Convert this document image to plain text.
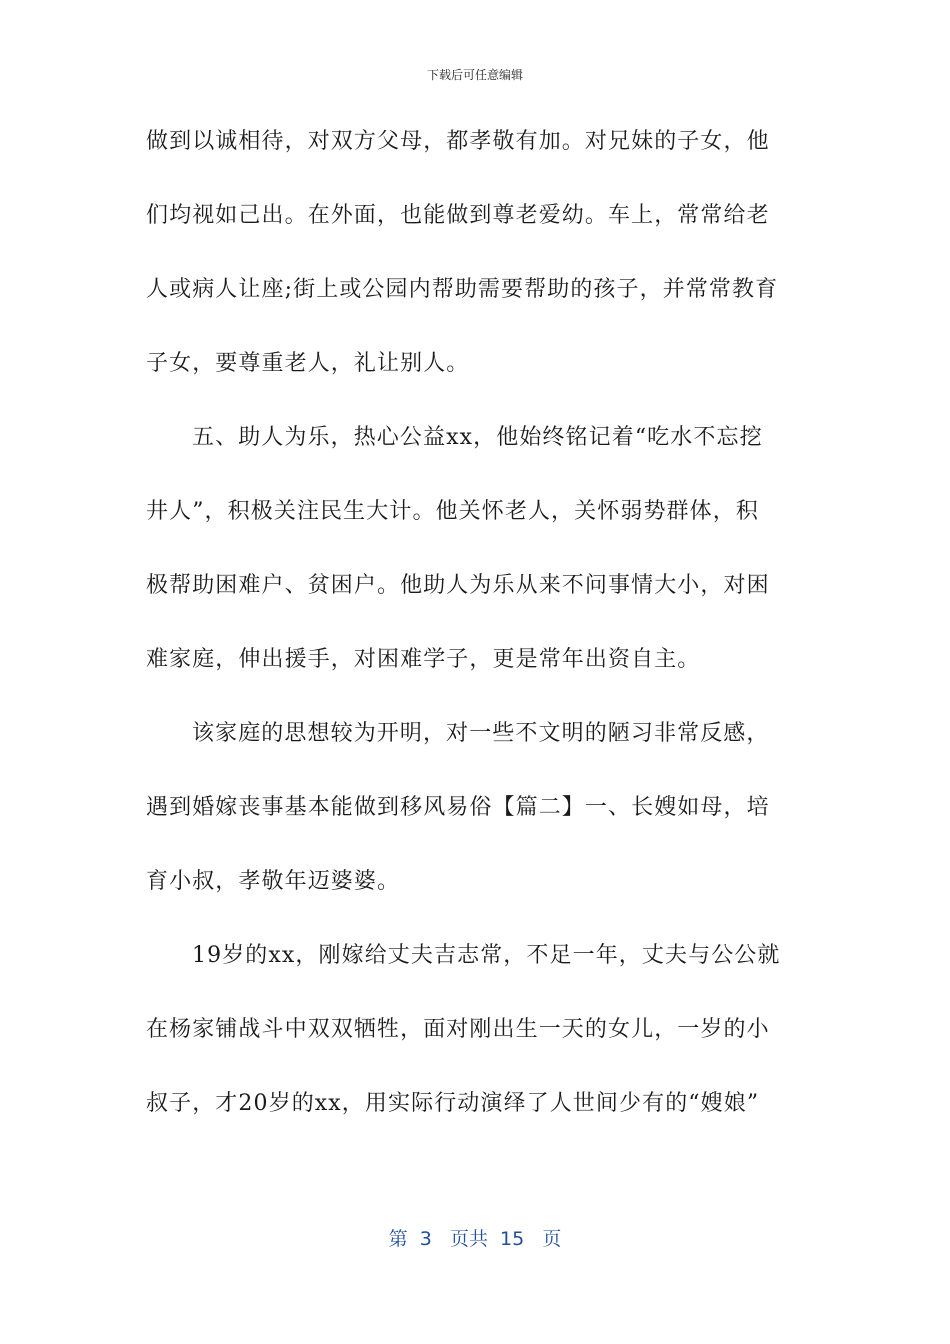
下载后可任意编辑
做到以诚相待，对双方父母，都孝敬有加。对兄妹的子女，他
们均视如己出。在外面，也能做到尊老爱幼。车上，常常给老
人或病人让座;街上或公园内帮助需要帮助的孩子，并常常教育
子女，要尊重老人，礼让别人。
五、助人为乐，热心公益xx，他始终铭记着“吃水不忘挖
井人”，积极关注民生大计。他关怀老人，关怀弱势群体，积
极帮助困难户、贫困户。他助人为乐从来不问事情大小，对困
难家庭，伸出援手，对困难学子，更是常年出资自主。
该家庭的思想较为开明，对一些不文明的陋习非常反感，
遇到婚嫁丧事基本能做到移风易俗【篇二】一、长嫂如母，培
育小叔，孝敬年迈婆婆。
19岁的xx，刚嫁给丈夫吉志常，不足一年，丈夫与公公就
在杨家铺战斗中双双牺牲，面对刚出生一天的女儿，一岁的小
叔子，才20岁的xx，用实际行动演绎了人世间少有的“嫂娘”
第  3   页共  15   页
